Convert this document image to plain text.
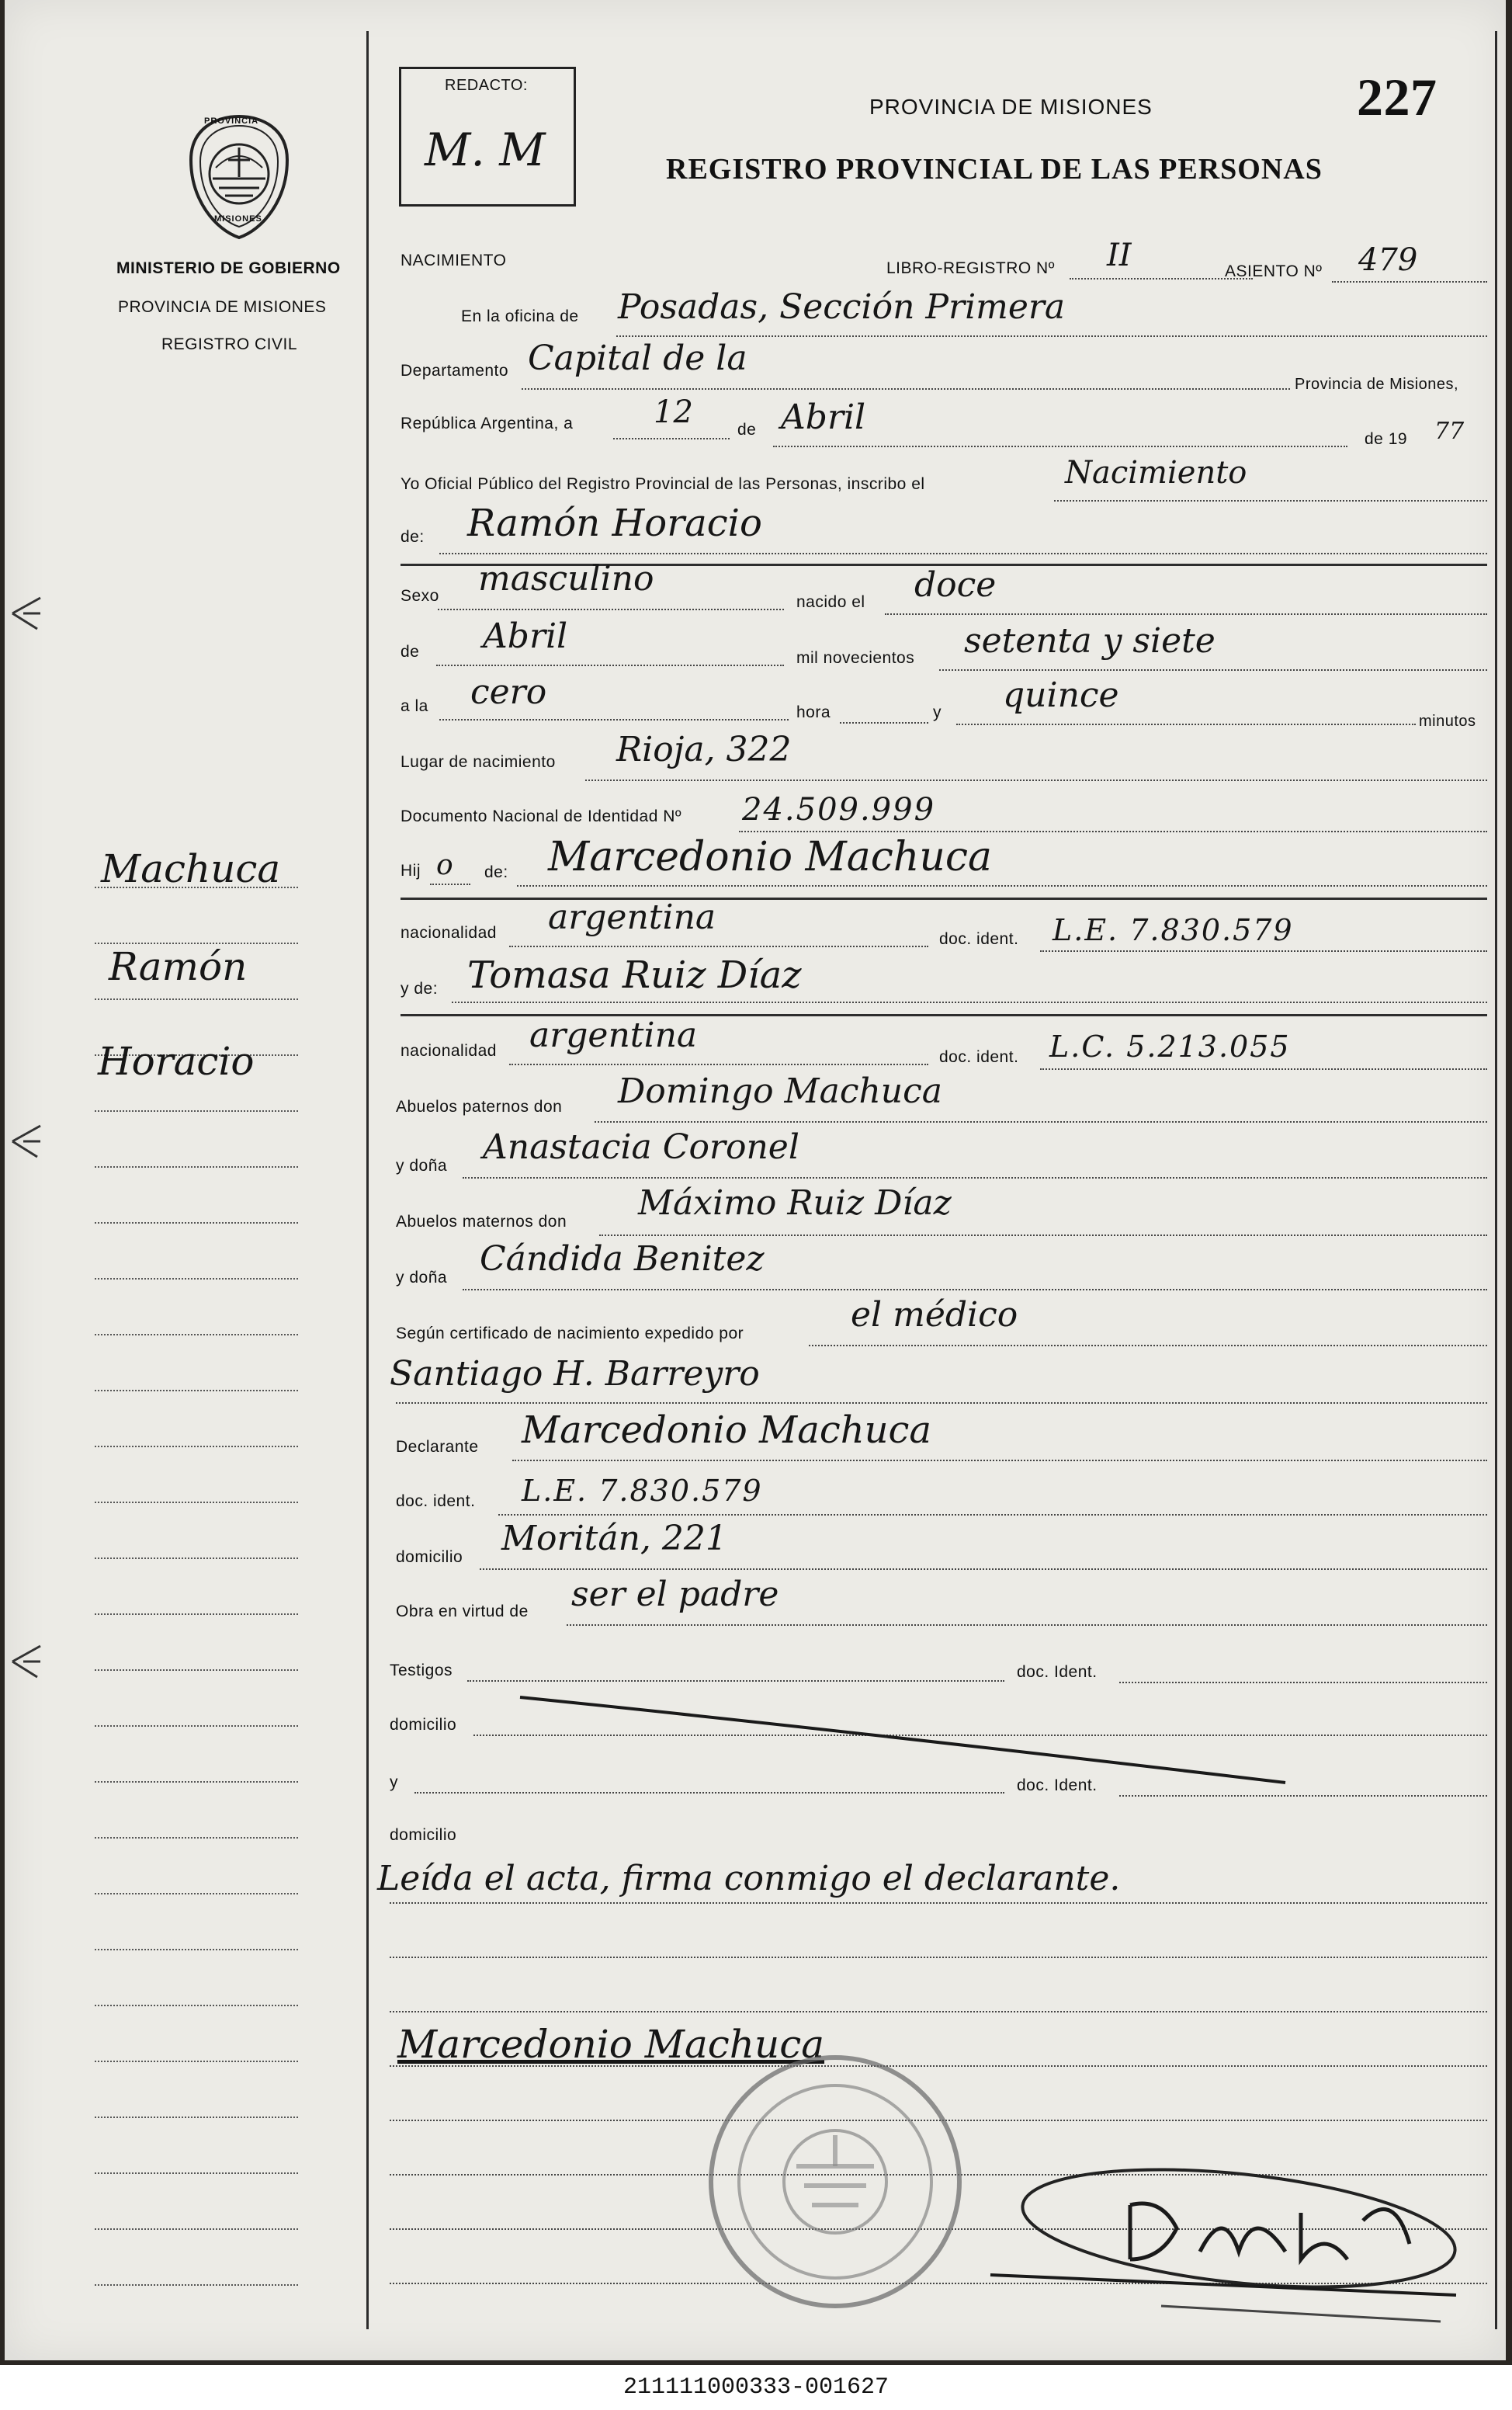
PROVINCIA
MISIONES
MINISTERIO DE GOBIERNO
PROVINCIA DE MISIONES
REGISTRO CIVIL
REDACTO:
M. M
PROVINCIA DE MISIONES	227
REGISTRO PROVINCIAL DE LAS PERSONAS
Machuca
Ramón
Horacio
NACIMIENTO	LIBRO-REGISTRO Nº II	ASIENTO Nº 479
En la oficina de Posadas, Sección Primera
Departamento Capital de la
Provincia de Misiones,
República Argentina, a	12	de Abril
de 19 77
Yo Oficial Público del Registro Provincial de las Personas, inscribo el	Nacimiento
de: Ramón Horacio
Sexo masculino
nacido el doce
de Abril
mil novecientos setenta y siete
a la cero
hora	y quince
minutos
Lugar de nacimiento Rioja, 322
Documento Nacional de Identidad Nº 24.509.999
Hij o de: Marcedonio Machuca
nacionalidad argentina
doc. ident. L.E. 7.830.579
y de: Tomasa Ruiz Díaz
nacionalidad argentina
doc. ident. L.C. 5.213.055
Abuelos paternos don Domingo Machuca
y doña Anastacia Coronel
Abuelos maternos don Máximo Ruiz Díaz
y doña Cándida Benitez
Según certificado de nacimiento expedido por	el médico
Santiago H. Barreyro
Declarante Marcedonio Machuca
doc. ident. L.E. 7.830.579
domicilio Moritán, 221
Obra en virtud de ser el padre
Testigos	doc. Ident.
domicilio
y	doc. Ident.
domicilio
Leída el acta, firma conmigo el declarante.
Marcedonio Machuca
211111000333-001627
